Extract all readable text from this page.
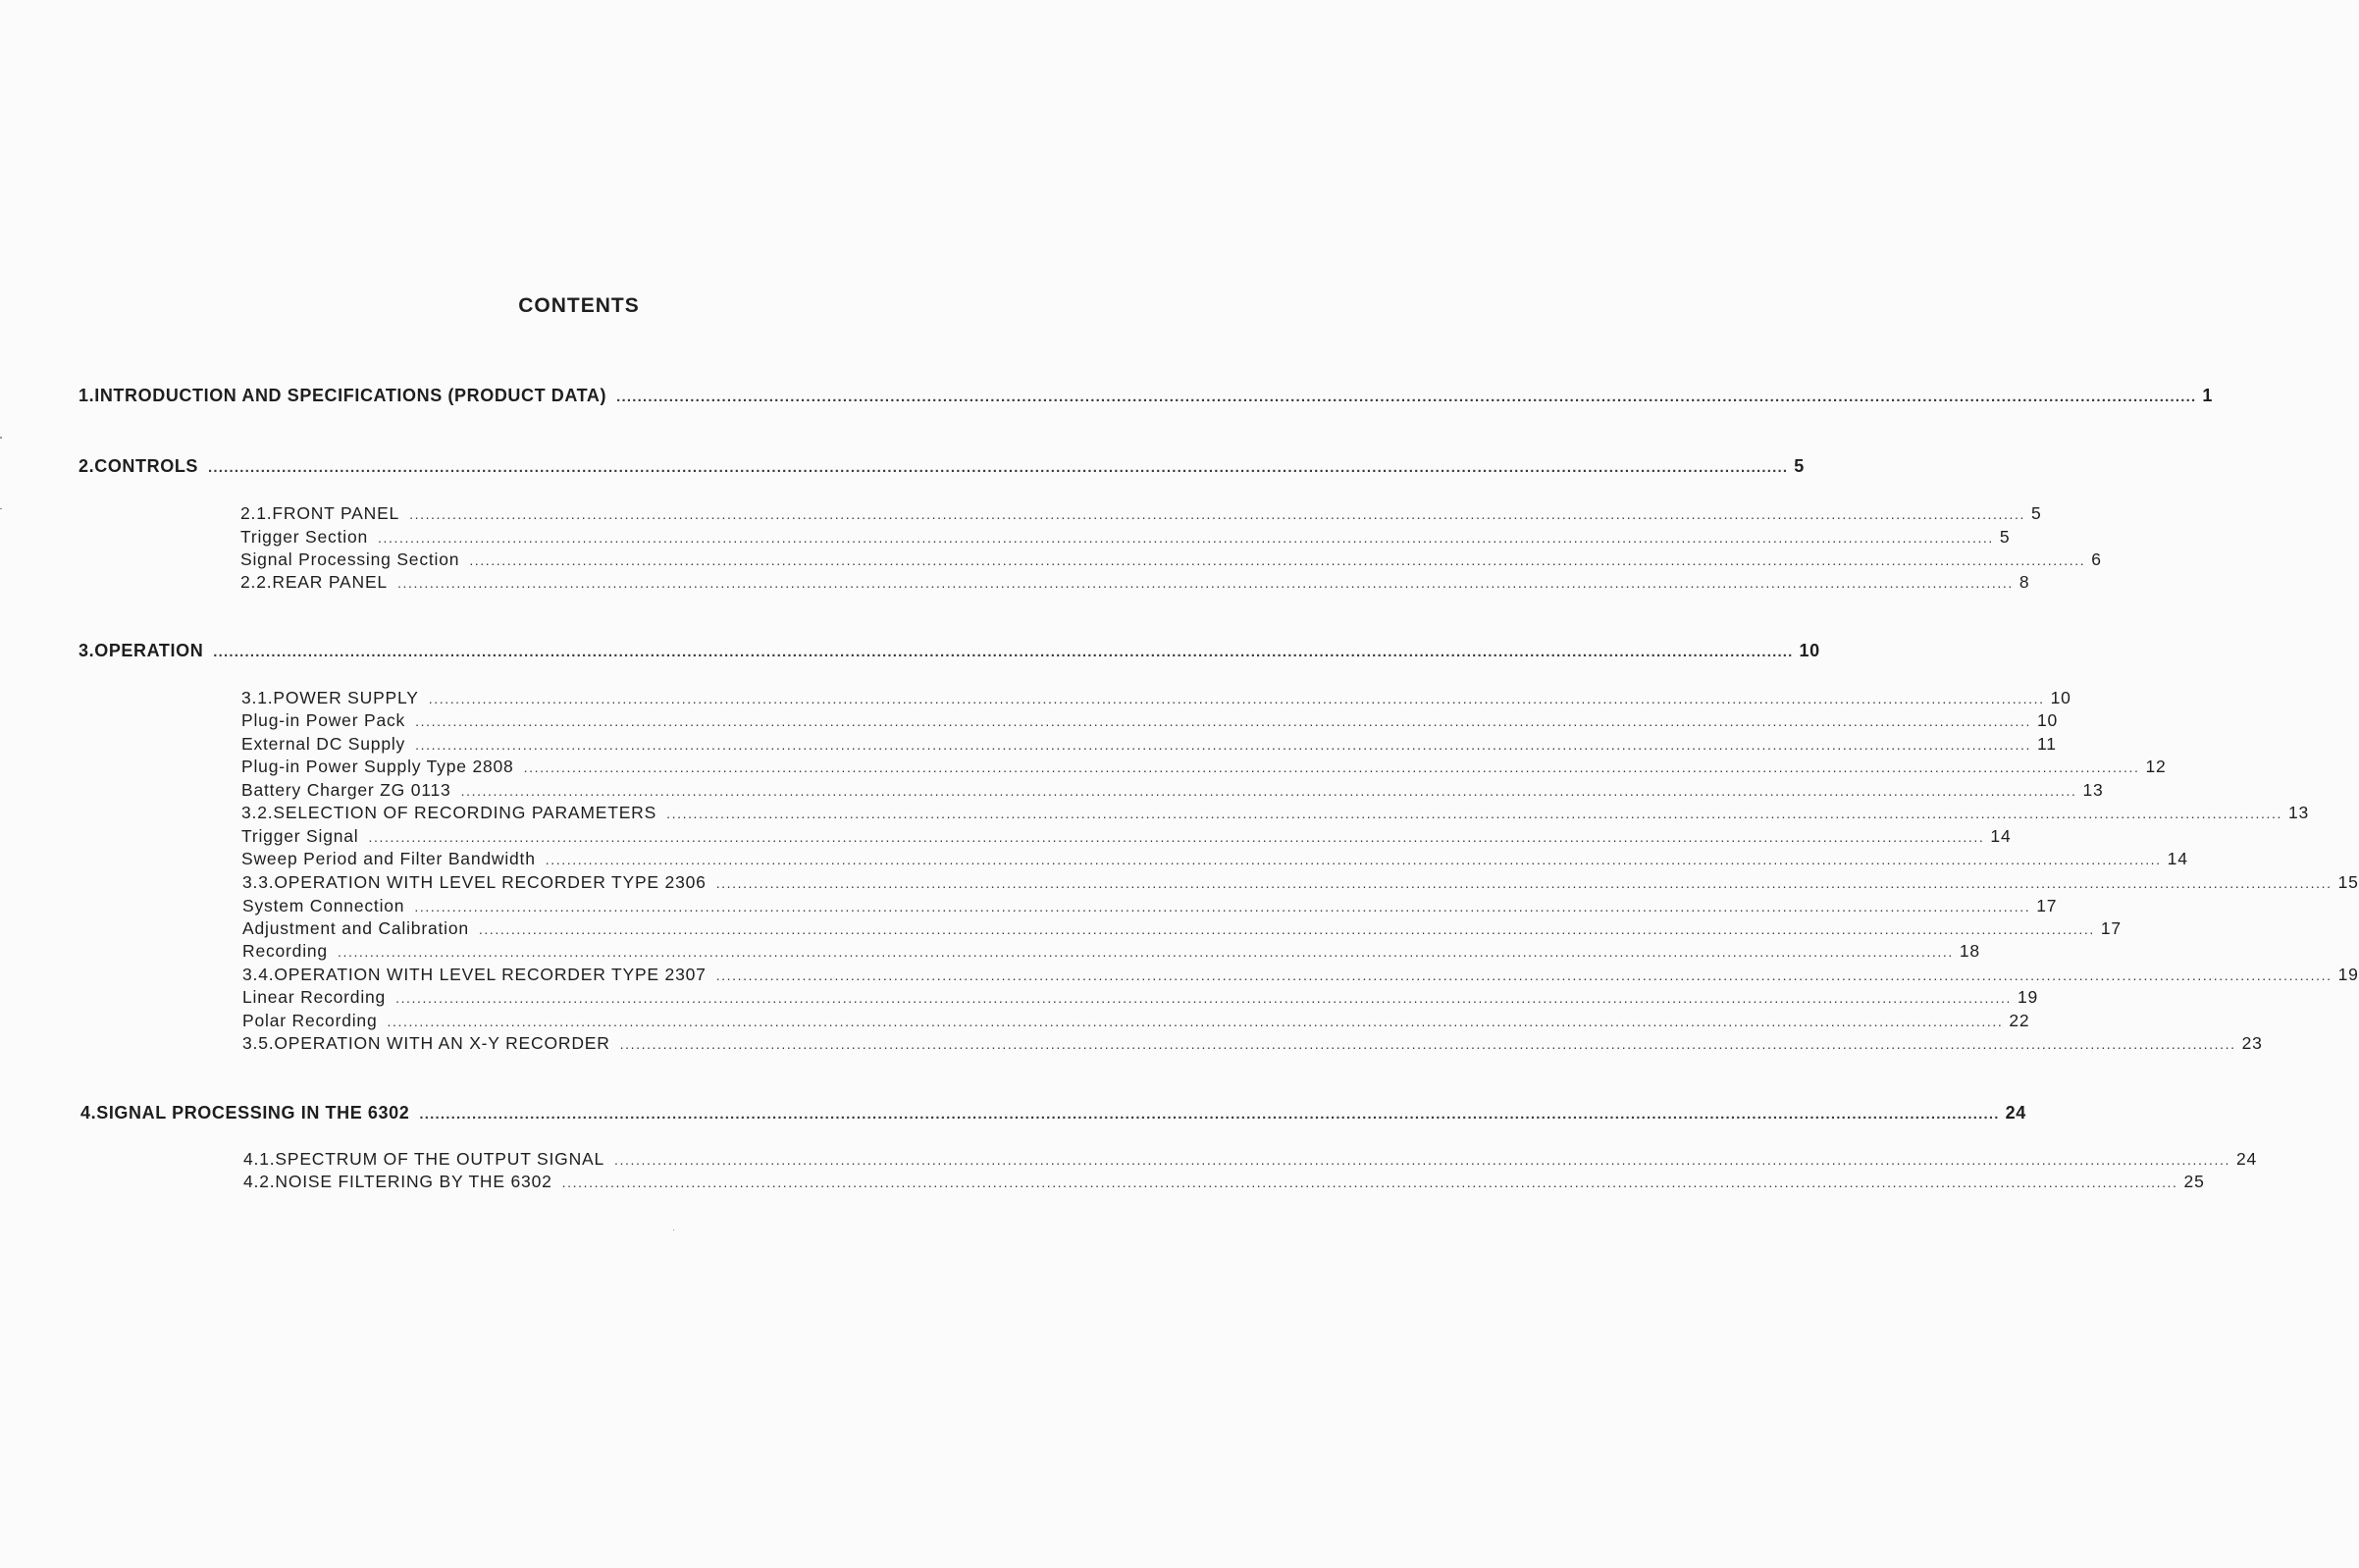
CONTENTS
1. INTRODUCTION AND SPECIFICATIONS (PRODUCT DATA) ............................................................................................................................................................................................................................................................................................................ 1
2. CONTROLS ............................................................................................................................................................................................................................................................................................................ 5
2.1. FRONT PANEL ............................................................................................................................................................................................................................................................................................................ 5
Trigger Section ............................................................................................................................................................................................................................................................................................................ 5
Signal Processing Section ............................................................................................................................................................................................................................................................................................................ 6
2.2. REAR PANEL ............................................................................................................................................................................................................................................................................................................ 8
3. OPERATION ............................................................................................................................................................................................................................................................................................................ 10
3.1. POWER SUPPLY ............................................................................................................................................................................................................................................................................................................ 10
Plug-in Power Pack ............................................................................................................................................................................................................................................................................................................ 10
External DC Supply ............................................................................................................................................................................................................................................................................................................ 11
Plug-in Power Supply Type 2808 ............................................................................................................................................................................................................................................................................................................ 12
Battery Charger ZG 0113 ............................................................................................................................................................................................................................................................................................................ 13
3.2. SELECTION OF RECORDING PARAMETERS ............................................................................................................................................................................................................................................................................................................ 13
Trigger Signal ............................................................................................................................................................................................................................................................................................................ 14
Sweep Period and Filter Bandwidth ............................................................................................................................................................................................................................................................................................................ 14
3.3. OPERATION WITH LEVEL RECORDER TYPE 2306 ............................................................................................................................................................................................................................................................................................................ 15
System Connection ............................................................................................................................................................................................................................................................................................................ 17
Adjustment and Calibration ............................................................................................................................................................................................................................................................................................................ 17
Recording ............................................................................................................................................................................................................................................................................................................ 18
3.4. OPERATION WITH LEVEL RECORDER TYPE 2307 ............................................................................................................................................................................................................................................................................................................ 19
Linear Recording ............................................................................................................................................................................................................................................................................................................ 19
Polar Recording ............................................................................................................................................................................................................................................................................................................ 22
3.5. OPERATION WITH AN X-Y RECORDER ............................................................................................................................................................................................................................................................................................................ 23
4. SIGNAL PROCESSING IN THE 6302 ............................................................................................................................................................................................................................................................................................................ 24
4.1. SPECTRUM OF THE OUTPUT SIGNAL ............................................................................................................................................................................................................................................................................................................ 24
4.2. NOISE FILTERING BY THE 6302 ............................................................................................................................................................................................................................................................................................................ 25
